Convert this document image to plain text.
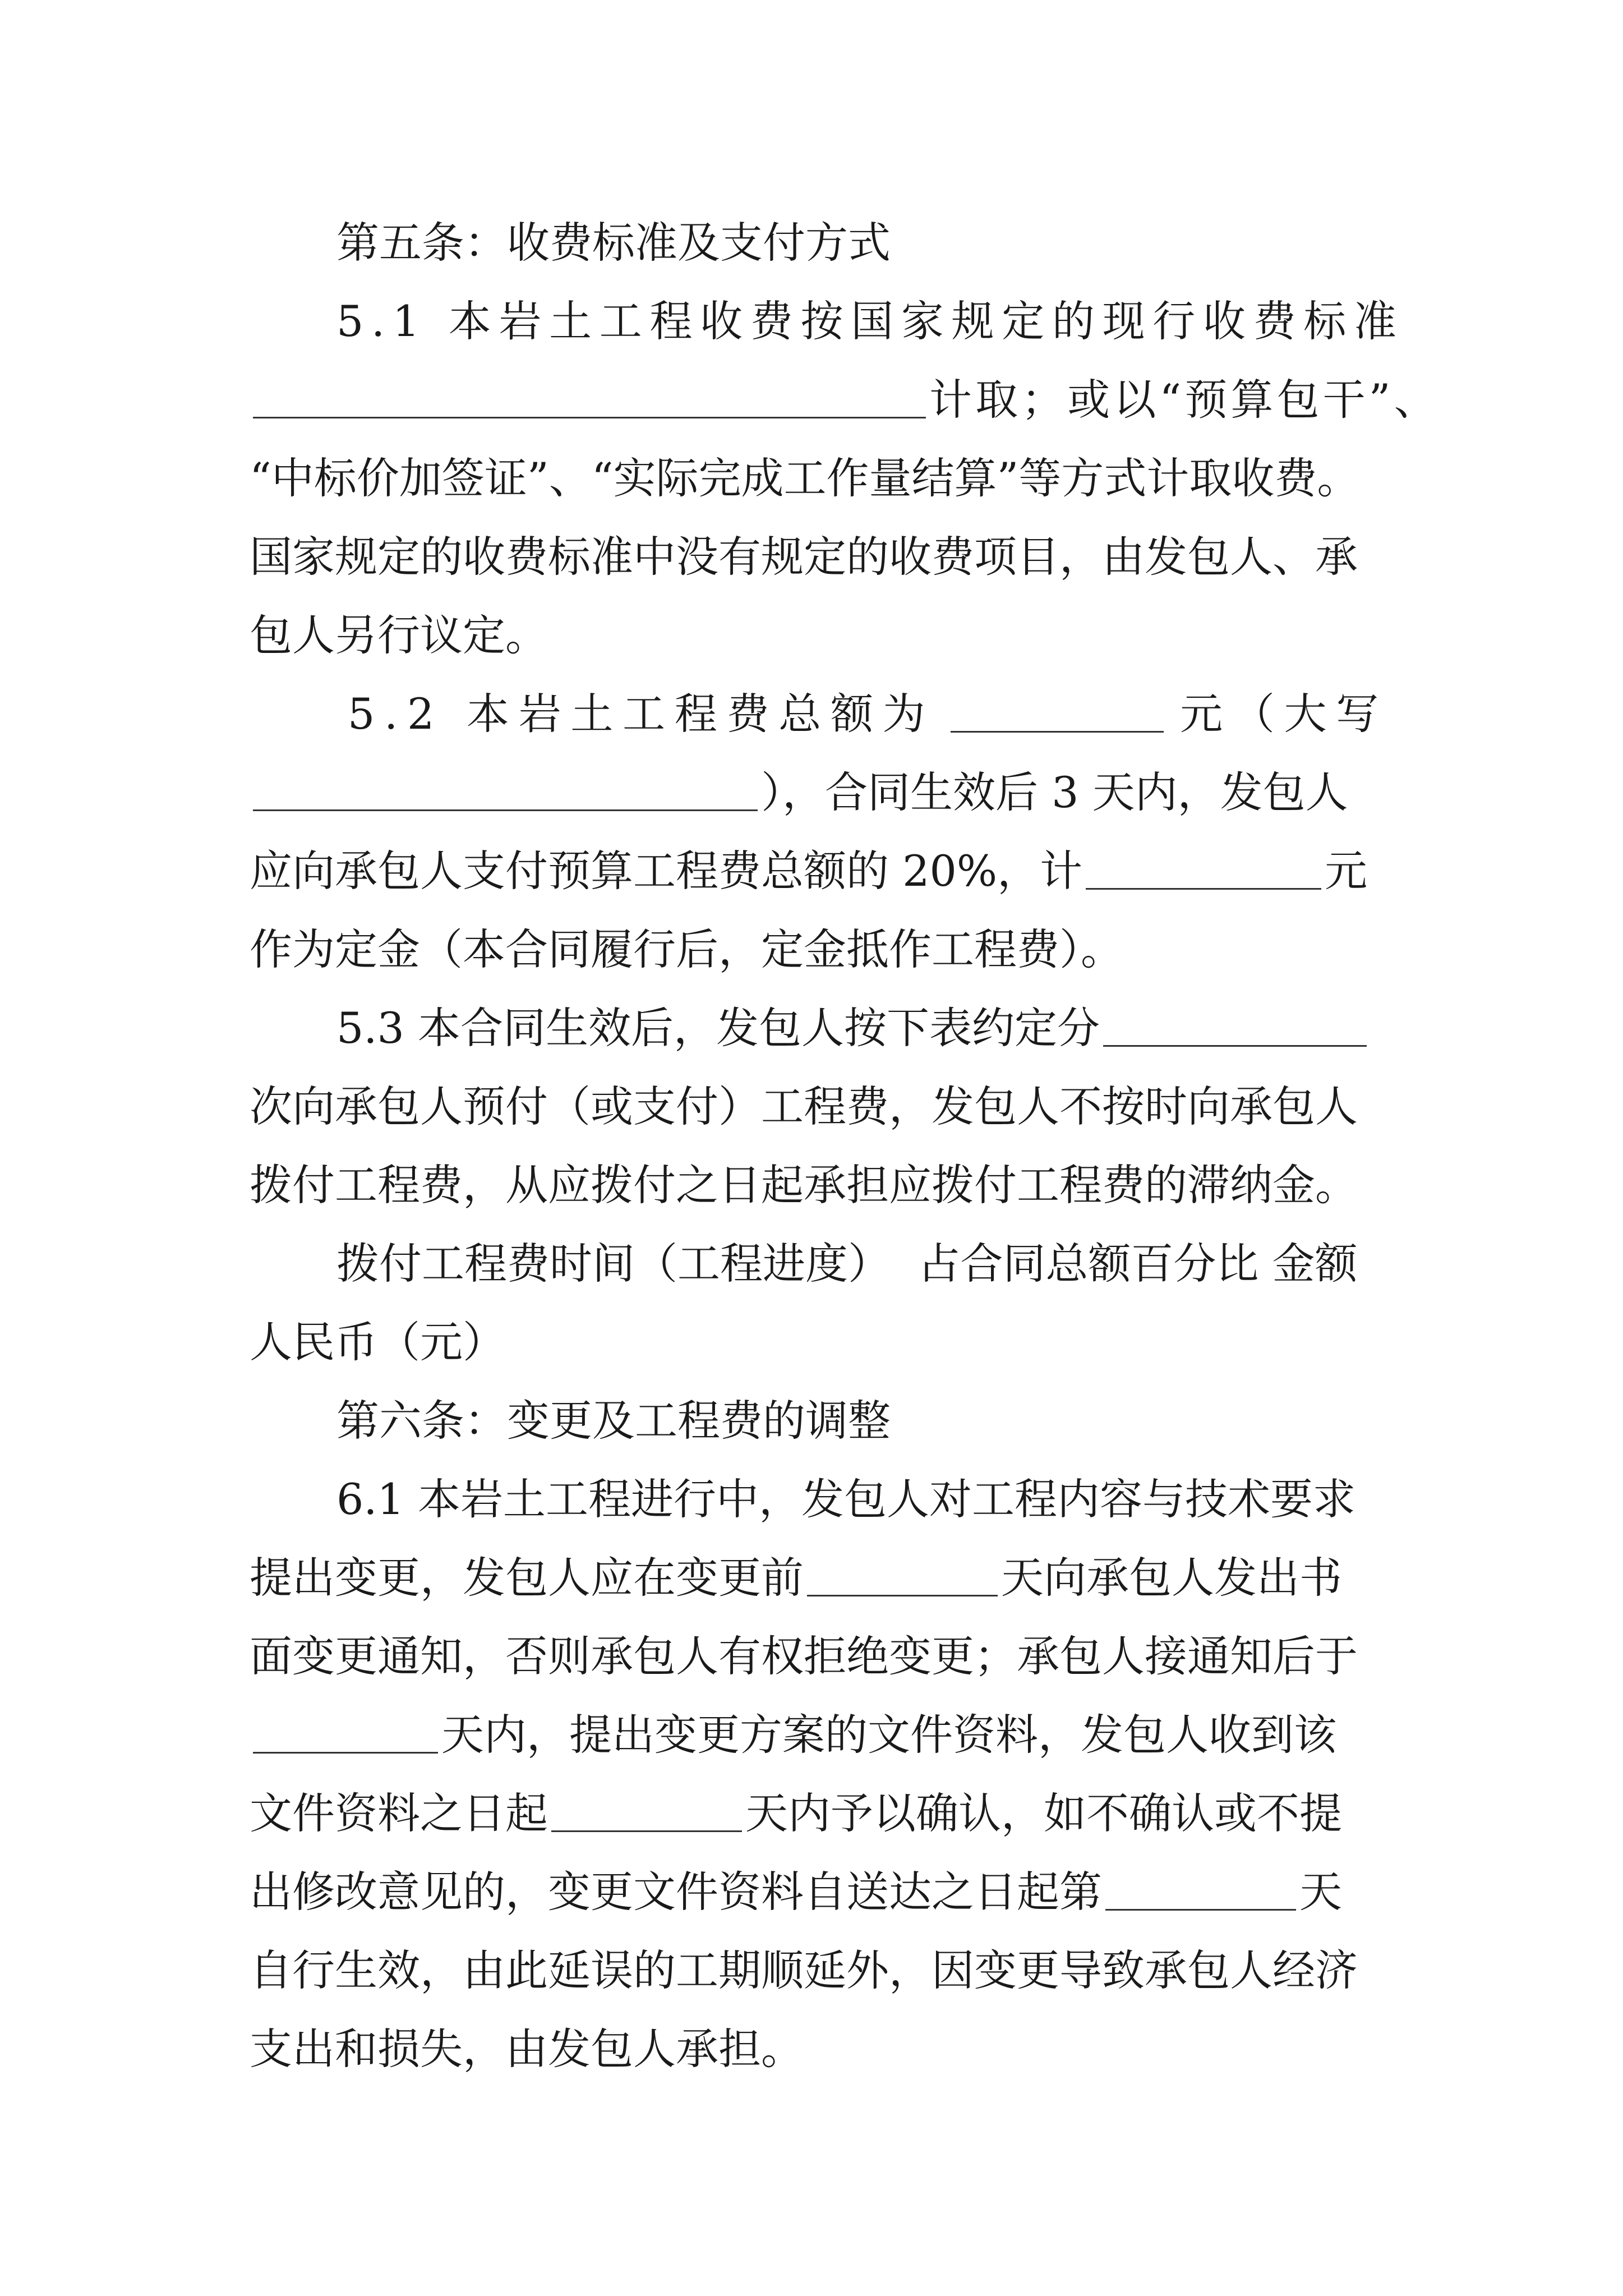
第五条：收费标准及支付方式
5.1 本岩土工程收费按国家规定的现行收费标准
计取；或以“预算包干”、
“中标价加签证”、“实际完成工作量结算”等方式计取收费。
国家规定的收费标准中没有规定的收费项目，由发包人、承
包人另行议定。
5.2 本岩土工程费总额为	元（大写
），合同生效后 3 天内，发包人
应向承包人支付预算工程费总额的 20%，计	元
作为定金（本合同履行后，定金抵作工程费）。
5.3 本合同生效后，发包人按下表约定分
次向承包人预付（或支付）工程费，发包人不按时向承包人
拨付工程费，从应拨付之日起承担应拨付工程费的滞纳金。
拨付工程费时间（工程进度）  占合同总额百分比 金额
人民币（元）
第六条：变更及工程费的调整
6.1 本岩土工程进行中，发包人对工程内容与技术要求
提出变更，发包人应在变更前	天向承包人发出书
面变更通知，否则承包人有权拒绝变更；承包人接通知后于
天内，提出变更方案的文件资料，发包人收到该
文件资料之日起	天内予以确认，如不确认或不提
出修改意见的，变更文件资料自送达之日起第	天
自行生效，由此延误的工期顺延外，因变更导致承包人经济
支出和损失，由发包人承担。
